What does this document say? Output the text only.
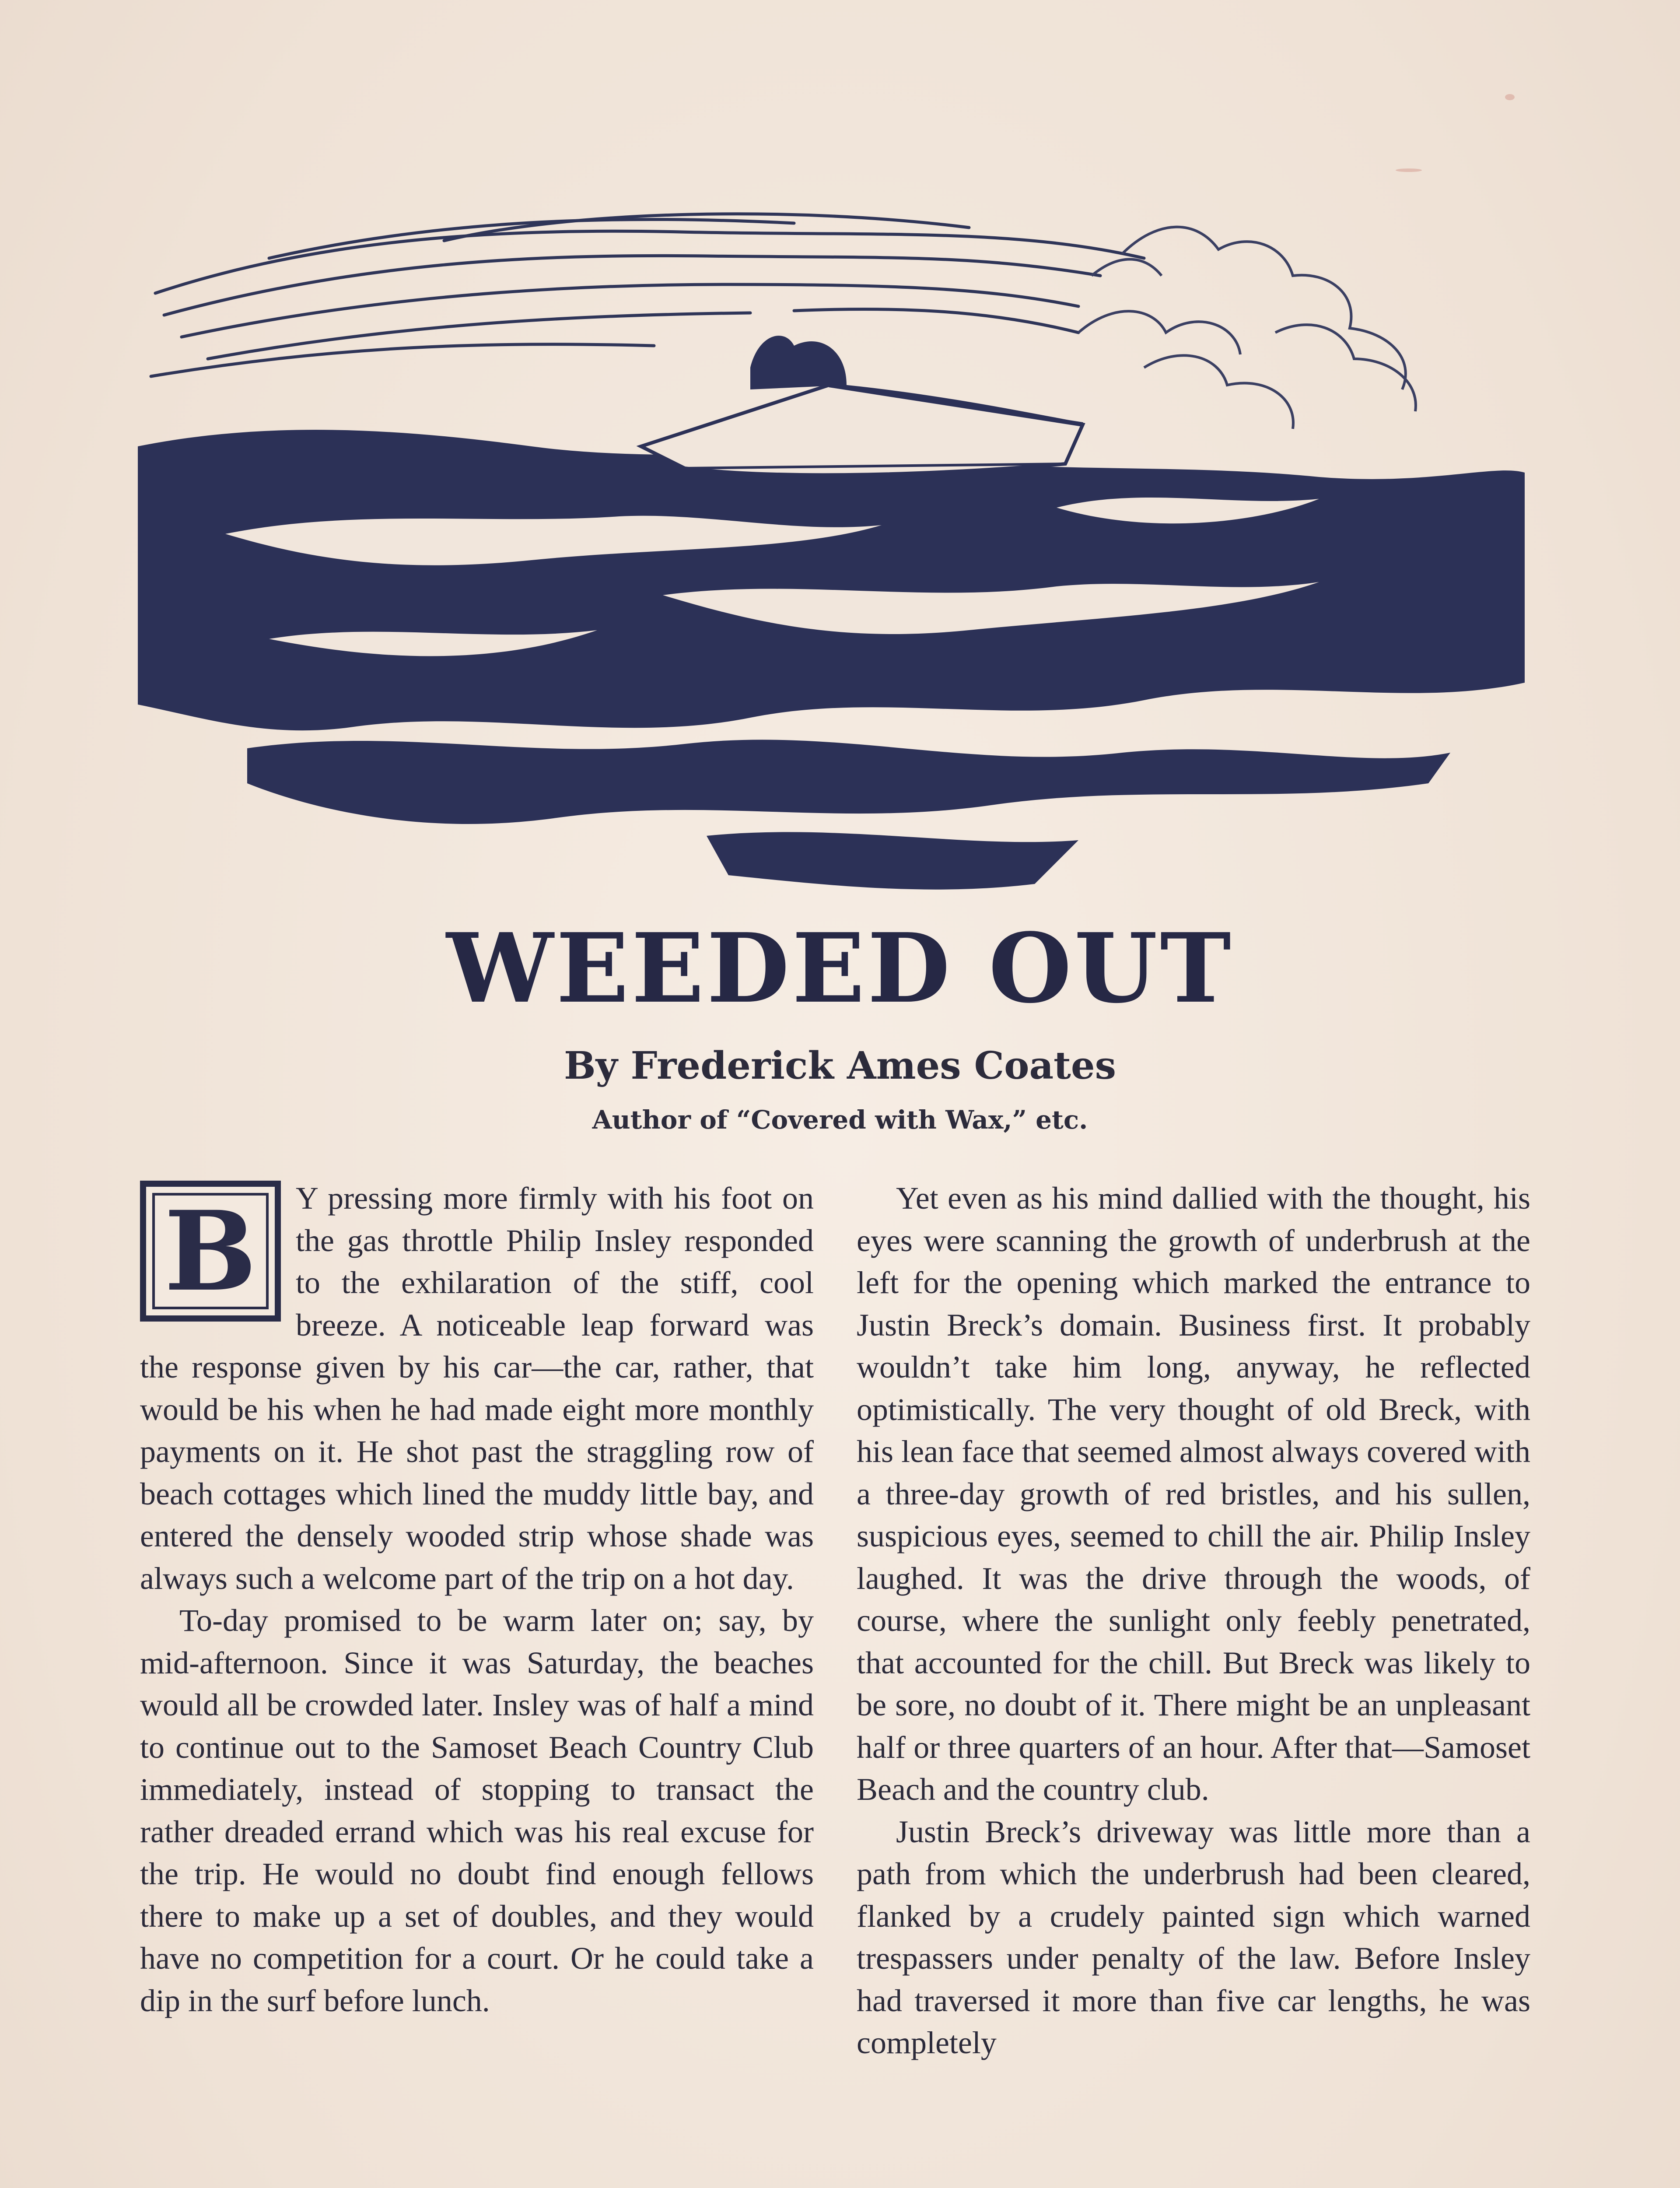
WEEDED OUT
By Frederick Ames Coates
Author of “Covered with Wax,” etc.
B	Y pressing more firmly with his foot on the gas throttle Philip Insley responded to the exhilaration of the stiff, cool breeze. A noticeable leap forward was the response given by his car—the car, rather, that would be his when he had made eight more monthly payments on it. He shot past the straggling row of beach cottages which lined the muddy little bay, and entered the densely wooded strip whose shade was always such a welcome part of the trip on a hot day.

To-day promised to be warm later on; say, by mid-afternoon. Since it was Saturday, the beaches would all be crowded later. Insley was of half a mind to continue out to the Samoset Beach Country Club immediately, instead of stopping to transact the rather dreaded errand which was his real excuse for the trip. He would no doubt find enough fellows there to make up a set of doubles, and they would have no competition for a court. Or he could take a dip in the surf before lunch.

Yet even as his mind dallied with the thought, his eyes were scanning the growth of underbrush at the left for the opening which marked the entrance to Justin Breck’s domain. Business first. It probably wouldn’t take him long, anyway, he reflected optimistically. The very thought of old Breck, with his lean face that seemed almost always covered with a three-day growth of red bristles, and his sullen, suspicious eyes, seemed to chill the air. Philip Insley laughed. It was the drive through the woods, of course, where the sunlight only feebly penetrated, that accounted for the chill. But Breck was likely to be sore, no doubt of it. There might be an unpleasant half or three quarters of an hour. After that—Samoset Beach and the country club.

Justin Breck’s driveway was little more than a path from which the underbrush had been cleared, flanked by a crudely painted sign which warned trespassers under penalty of the law. Before Insley had traversed it more than five car lengths, he was completely
